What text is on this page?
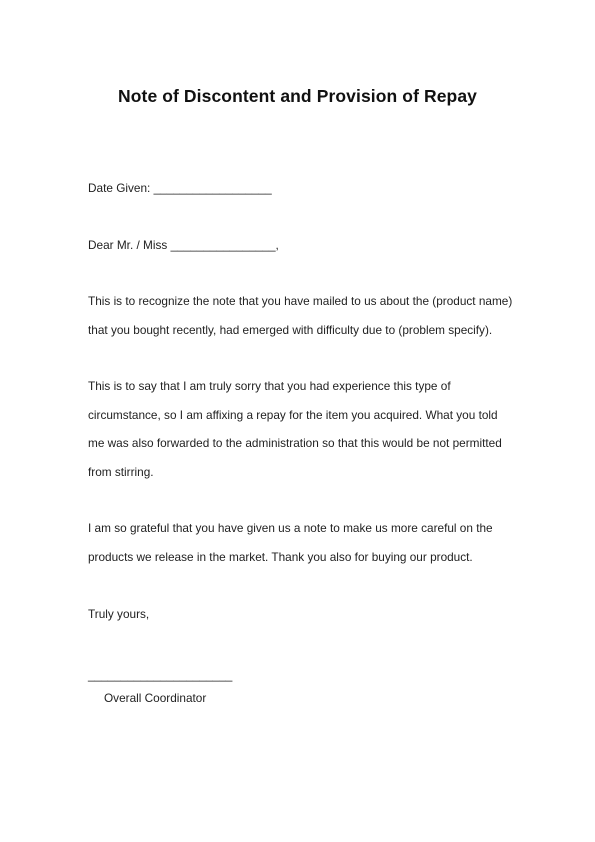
Note of Discontent and Provision of Repay
Date Given: __________________
Dear Mr. / Miss ________________,
This is to recognize the note that you have mailed to us about the (product name)
that you bought recently, had emerged with difficulty due to (problem specify).
This is to say that I am truly sorry that you had experience this type of
circumstance, so I am affixing a repay for the item you acquired. What you told
me was also forwarded to the administration so that this would be not permitted
from stirring.
I am so grateful that you have given us a note to make us more careful on the
products we release in the market. Thank you also for buying our product.
Truly yours,
______________________
Overall Coordinator
